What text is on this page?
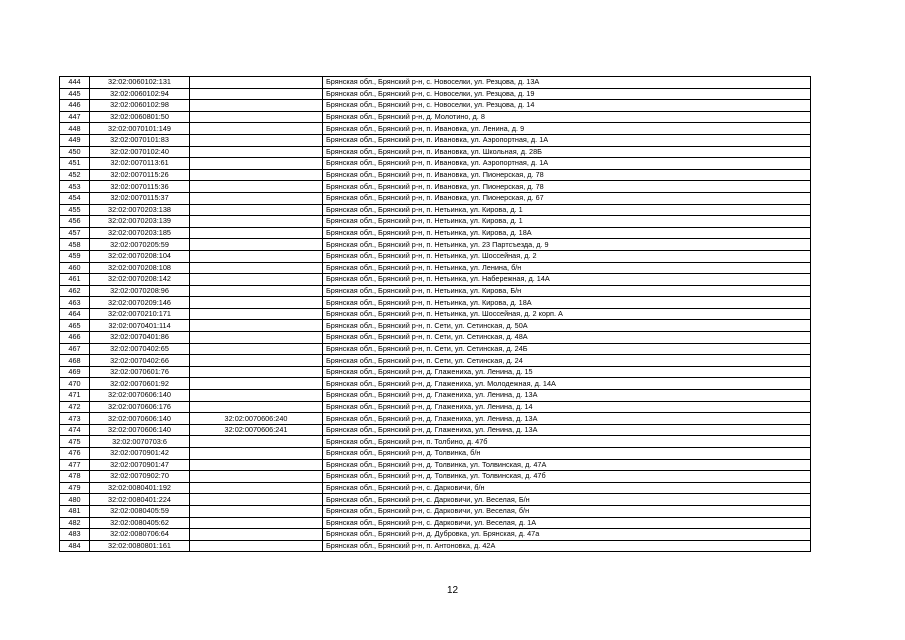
444	32:02:0060102:131		Брянская обл., Брянский р-н, с. Новоселки, ул. Резцова, д. 13А
445	32:02:0060102:94		Брянская обл., Брянский р-н, с. Новоселки, ул. Резцова, д. 19
446	32:02:0060102:98		Брянская обл., Брянский р-н, с. Новоселки, ул. Резцова, д. 14
447	32:02:0060801:50		Брянская обл., Брянский р-н, д. Молотино, д. 8
448	32:02:0070101:149		Брянская обл., Брянский р-н, п. Ивановка, ул. Ленина, д. 9
449	32:02:0070101:83		Брянская обл., Брянский р-н, п. Ивановка, ул. Аэропортная, д. 1А
450	32:02:0070102:40		Брянская обл., Брянский р-н, п. Ивановка, ул. Школьная, д. 28Б
451	32:02:0070113:61		Брянская обл., Брянский р-н, п. Ивановка, ул. Аэропортная, д. 1А
452	32:02:0070115:26		Брянская обл., Брянский р-н, п. Ивановка, ул. Пионерская, д. 78
453	32:02:0070115:36		Брянская обл., Брянский р-н, п. Ивановка, ул. Пионерская, д. 78
454	32:02:0070115:37		Брянская обл., Брянский р-н, п. Ивановка, ул. Пионерская, д. 67
455	32:02:0070203:138		Брянская обл., Брянский р-н, п. Нетьинка, ул. Кирова, д. 1
456	32:02:0070203:139		Брянская обл., Брянский р-н, п. Нетьинка, ул. Кирова, д. 1
457	32:02:0070203:185		Брянская обл., Брянский р-н, п. Нетьинка, ул. Кирова, д. 18А
458	32:02:0070205:59		Брянская обл., Брянский р-н, п. Нетьинка, ул. 23 Партсъезда, д. 9
459	32:02:0070208:104		Брянская обл., Брянский р-н, п. Нетьинка, ул. Шоссейная, д. 2
460	32:02:0070208:108		Брянская обл., Брянский р-н, п. Нетьинка, ул. Ленина, б/н
461	32:02:0070208:142		Брянская обл., Брянский р-н, п. Нетьинка, ул. Набережная, д. 14А
462	32:02:0070208:96		Брянская обл., Брянский р-н, п. Нетьинка, ул. Кирова, Б/н
463	32:02:0070209:146		Брянская обл., Брянский р-н, п. Нетьинка, ул. Кирова, д. 18А
464	32:02:0070210:171		Брянская обл., Брянский р-н, п. Нетьинка, ул. Шоссейная, д. 2 корп. А
465	32:02:0070401:114		Брянская обл., Брянский р-н, п. Сети, ул. Сетинская, д. 50А
466	32:02:0070401:86		Брянская обл., Брянский р-н, п. Сети, ул. Сетинская, д. 48А
467	32:02:0070402:65		Брянская обл., Брянский р-н, п. Сети, ул. Сетинская, д. 24Б
468	32:02:0070402:66		Брянская обл., Брянский р-н, п. Сети, ул. Сетинская, д. 24
469	32:02:0070601:76		Брянская обл., Брянский р-н, д. Глажениха, ул. Ленина, д. 15
470	32:02:0070601:92		Брянская обл., Брянский р-н, д. Глажениха, ул. Молодежная, д. 14А
471	32:02:0070606:140		Брянская обл., Брянский р-н, д. Глажениха, ул. Ленина, д. 13А
472	32:02:0070606:176		Брянская обл., Брянский р-н, д. Глажениха, ул. Ленина, д. 14
473	32:02:0070606:140	32:02:0070606:240	Брянская обл., Брянский р-н, д. Глажениха, ул. Ленина, д. 13А
474	32:02:0070606:140	32:02:0070606:241	Брянская обл., Брянский р-н, д. Глажениха, ул. Ленина, д. 13А
475	32:02:0070703:6		Брянская обл., Брянский р-н, п. Толбино, д. 47б
476	32:02:0070901:42		Брянская обл., Брянский р-н, д. Толвинка, б/н
477	32:02:0070901:47		Брянская обл., Брянский р-н, д. Толвинка, ул. Толвинская, д. 47А
478	32:02:0070902:70		Брянская обл., Брянский р-н, д. Толвинка, ул. Толвинская, д. 47б
479	32:02:0080401:192		Брянская обл., Брянский р-н, с. Дарковичи, б/н
480	32:02:0080401:224		Брянская обл., Брянский р-н, с. Дарковичи, ул. Веселая, Б/н
481	32:02:0080405:59		Брянская обл., Брянский р-н, с. Дарковичи, ул. Веселая, б/н
482	32:02:0080405:62		Брянская обл., Брянский р-н, с. Дарковичи, ул. Веселая, д. 1А
483	32:02:0080706:64		Брянская обл., Брянский р-н, д. Дубровка, ул. Брянская, д. 47а
484	32:02:0080801:161		Брянская обл., Брянский р-н, п. Антоновка, д. 42А
12
